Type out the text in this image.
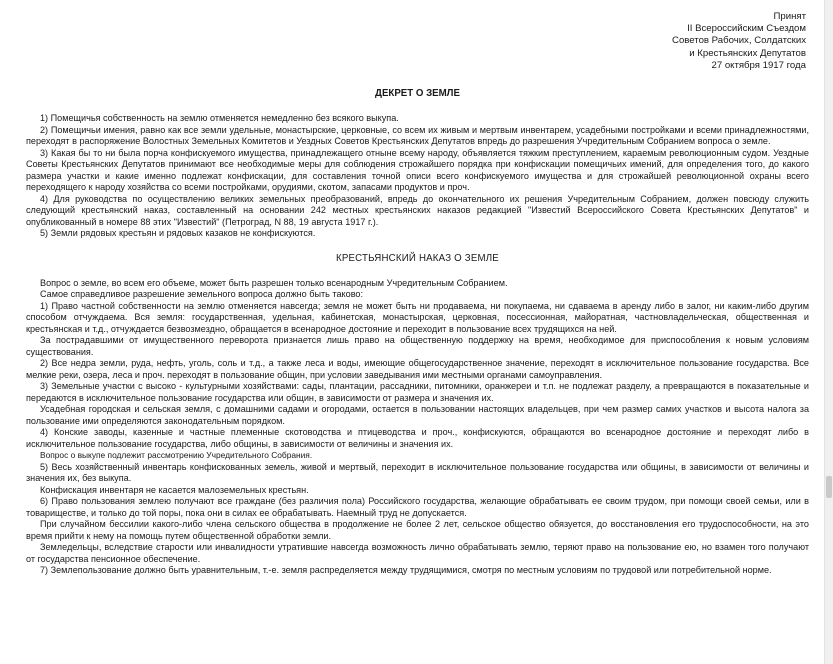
Принят
II Всероссийским Съездом
Советов Рабочих, Солдатских
и Крестьянских Депутатов
27 октября 1917 года
ДЕКРЕТ О ЗЕМЛЕ

1) Помещичья собственность на землю отменяется немедленно без всякого выкупа.

2) Помещичьи имения, равно как все земли удельные, монастырские, церковные, со всем их живым и мертвым инвентарем, усадебными постройками и всеми принадлежностями, переходят в распоряжение Волостных Земельных Комитетов и Уездных Советов Крестьянских Депутатов впредь до разрешения Учредительным Собранием вопроса о земле.

3) Какая бы то ни была порча конфискуемого имущества, принадлежащего отныне всему народу, объявляется тяжким преступлением, караемым революционным судом. Уездные Советы Крестьянских Депутатов принимают все необходимые меры для соблюдения строжайшего порядка при конфискации помещичьих имений, для определения того, до какого размера участки и какие именно подлежат конфискации, для составления точной описи всего конфискуемого имущества и для строжайшей революционной охраны всего переходящего к народу хозяйства со всеми постройками, орудиями, скотом, запасами продуктов и проч.

4) Для руководства по осуществлению великих земельных преобразований, впредь до окончательного их решения Учредительным Собранием, должен повсюду служить следующий крестьянский наказ, составленный на основании 242 местных крестьянских наказов редакцией "Известий Всероссийского Совета Крестьянских Депутатов" и опубликованный в номере 88 этих "Известий" (Петроград, N 88, 19 августа 1917 г.).

5) Земли рядовых крестьян и рядовых казаков не конфискуются.

КРЕСТЬЯНСКИЙ НАКАЗ О ЗЕМЛЕ

Вопрос о земле, во всем его объеме, может быть разрешен только всенародным Учредительным Собранием.

Самое справедливое разрешение земельного вопроса должно быть таково:

1) Право частной собственности на землю отменяется навсегда; земля не может быть ни продаваема, ни покупаема, ни сдаваема в аренду либо в залог, ни каким-либо другим способом отчуждаема. Вся земля: государственная, удельная, кабинетская, монастырская, церковная, посессионная, майоратная, частновладельческая, общественная и крестьянская и т.д., отчуждается безвозмездно, обращается в всенародное достояние и переходит в пользование всех трудящихся на ней.

За пострадавшими от имущественного переворота признается лишь право на общественную поддержку на время, необходимое для приспособления к новым условиям существования.

2) Все недра земли, руда, нефть, уголь, соль и т.д., а также леса и воды, имеющие общегосударственное значение, переходят в исключительное пользование государства. Все мелкие реки, озера, леса и проч. переходят в пользование общин, при условии заведывания ими местными органами самоуправления.

3) Земельные участки с высоко - культурными хозяйствами: сады, плантации, рассадники, питомники, оранжереи и т.п. не подлежат разделу, а превращаются в показательные и передаются в исключительное пользование государства или общин, в зависимости от размера и значения их.

Усадебная городская и сельская земля, с домашними садами и огородами, остается в пользовании настоящих владельцев, при чем размер самих участков и высота налога за пользование ими определяются законодательным порядком.

4) Конские заводы, казенные и частные племенные скотоводства и птицеводства и проч., конфискуются, обращаются во всенародное достояние и переходят либо в исключительное пользование государства, либо общины, в зависимости от величины и значения их.

Вопрос о выкупе подлежит рассмотрению Учредительного Собрания.

5) Весь хозяйственный инвентарь конфискованных земель, живой и мертвый, переходит в исключительное пользование государства или общины, в зависимости от величины и значения их, без выкупа.

Конфискация инвентаря не касается малоземельных крестьян.

6) Право пользования землею получают все граждане (без различия пола) Российского государства, желающие обрабатывать ее своим трудом, при помощи своей семьи, или в товариществе, и только до той поры, пока они в силах ее обрабатывать. Наемный труд не допускается.

При случайном бессилии какого-либо члена сельского общества в продолжение не более 2 лет, сельское общество обязуется, до восстановления его трудоспособности, на это время прийти к нему на помощь путем общественной обработки земли.

Земледельцы, вследствие старости или инвалидности утратившие навсегда возможность лично обрабатывать землю, теряют право на пользование ею, но взамен того получают от государства пенсионное обеспечение.

7) Землепользование должно быть уравнительным, т.-е. земля распределяется между трудящимися, смотря по местным условиям по трудовой или потребительной норме.
